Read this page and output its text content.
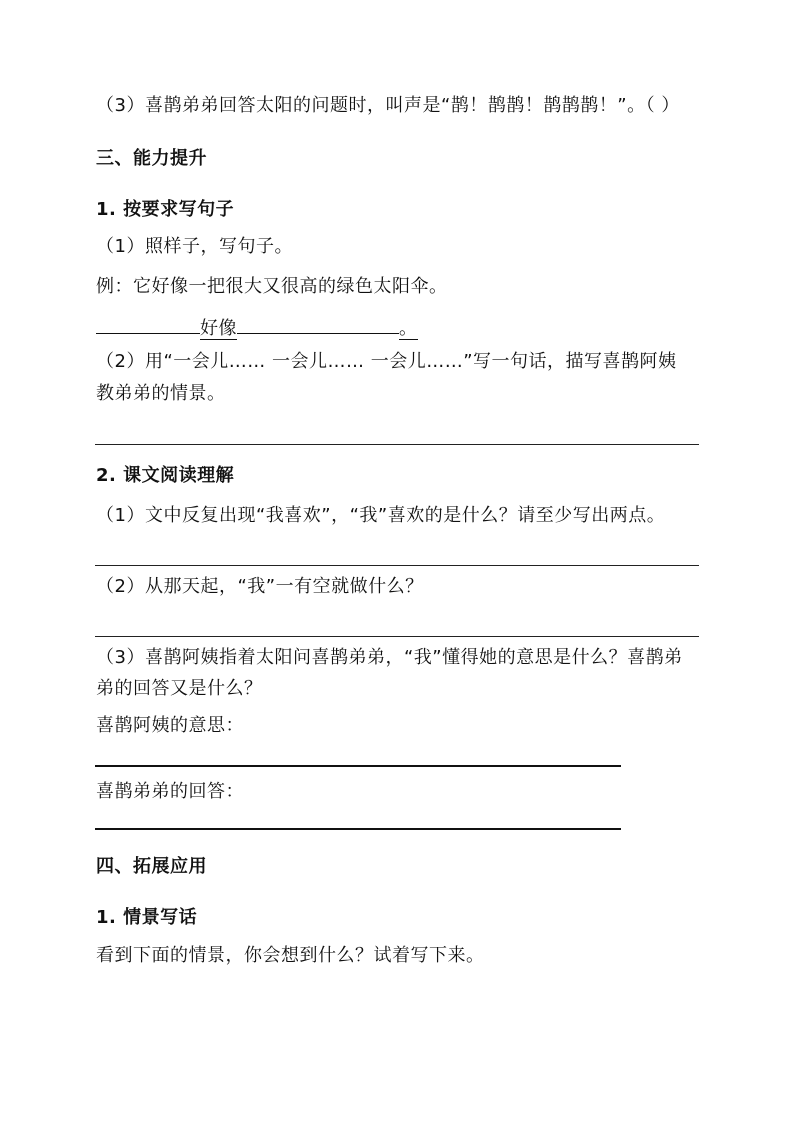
（3）喜鹊弟弟回答太阳的问题时，叫声是“鹊！鹊鹊！鹊鹊鹊！”。（ ）
三、能力提升
1. 按要求写句子
（1）照样子，写句子。
例：它好像一把很大又很高的绿色太阳伞。
好像	。
（2）用“一会儿…… 一会儿…… 一会儿……”写一句话，描写喜鹊阿姨
教弟弟的情景。
2. 课文阅读理解
（1）文中反复出现“我喜欢”，“我”喜欢的是什么？请至少写出两点。
（2）从那天起，“我”一有空就做什么？
（3）喜鹊阿姨指着太阳问喜鹊弟弟，“我”懂得她的意思是什么？喜鹊弟
弟的回答又是什么？
喜鹊阿姨的意思：
喜鹊弟弟的回答：
四、拓展应用
1. 情景写话
看到下面的情景，你会想到什么？试着写下来。
